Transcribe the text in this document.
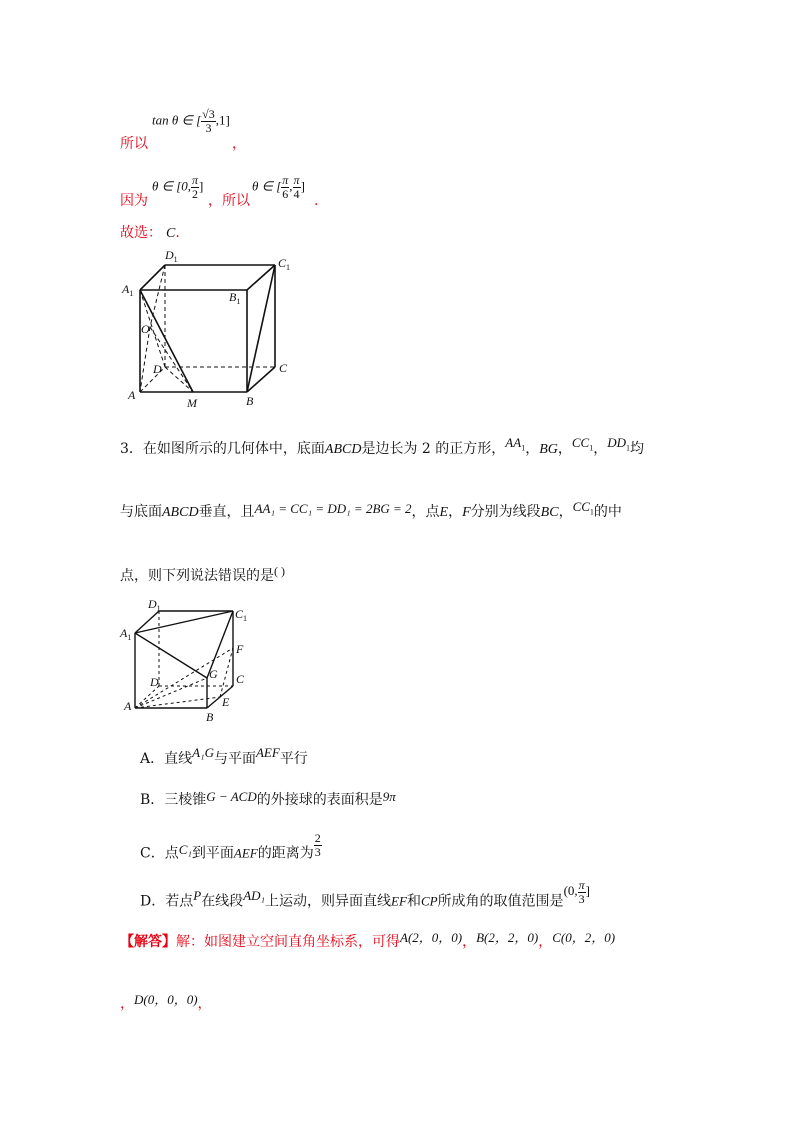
所以
tan θ ∈ [ $\frac{√3}{3} ,1$]
，
因为
θ ∈ [0, $\frac{\pi}{2}$ ]
，所以
θ ∈ [ $\frac{\pi}{6}$ , $\frac{\pi}{4}$ ]
.
故选： C.
$A_1$
$D_1$	$C_1$
$B_1$
O
D
A
M	B
C
3．在如图所示的几何体中，底面ABCD是边长为 2 的正方形，$AA_1$，BG，$CC_1$，$DD_1$均
与底面ABCD垂直，且AA₁ = CC₁ = DD₁ = 2BG = 2，点E，F分别为线段BC，$CC_1$的中
点，则下列说法错误的是( )
$D_1$	$C_1$
$A_1$
F
D
G C
A	E
B
A．直线A₁G与平面AEF平行
B．三棱锥G − ACD的外接球的表面积是9π
C．点C₁到平面AEF的距离为 $\frac{2}{3}$
D．若点P在线段AD₁上运动，则异面直线EF和CP所成角的取值范围是(0, $\frac{\pi}{3}$ ]
【解答】解：如图建立空间直角坐标系，可得A(2，0，0)，B(2，2，0)，C(0，2，0)
，D(0，0，0)，
